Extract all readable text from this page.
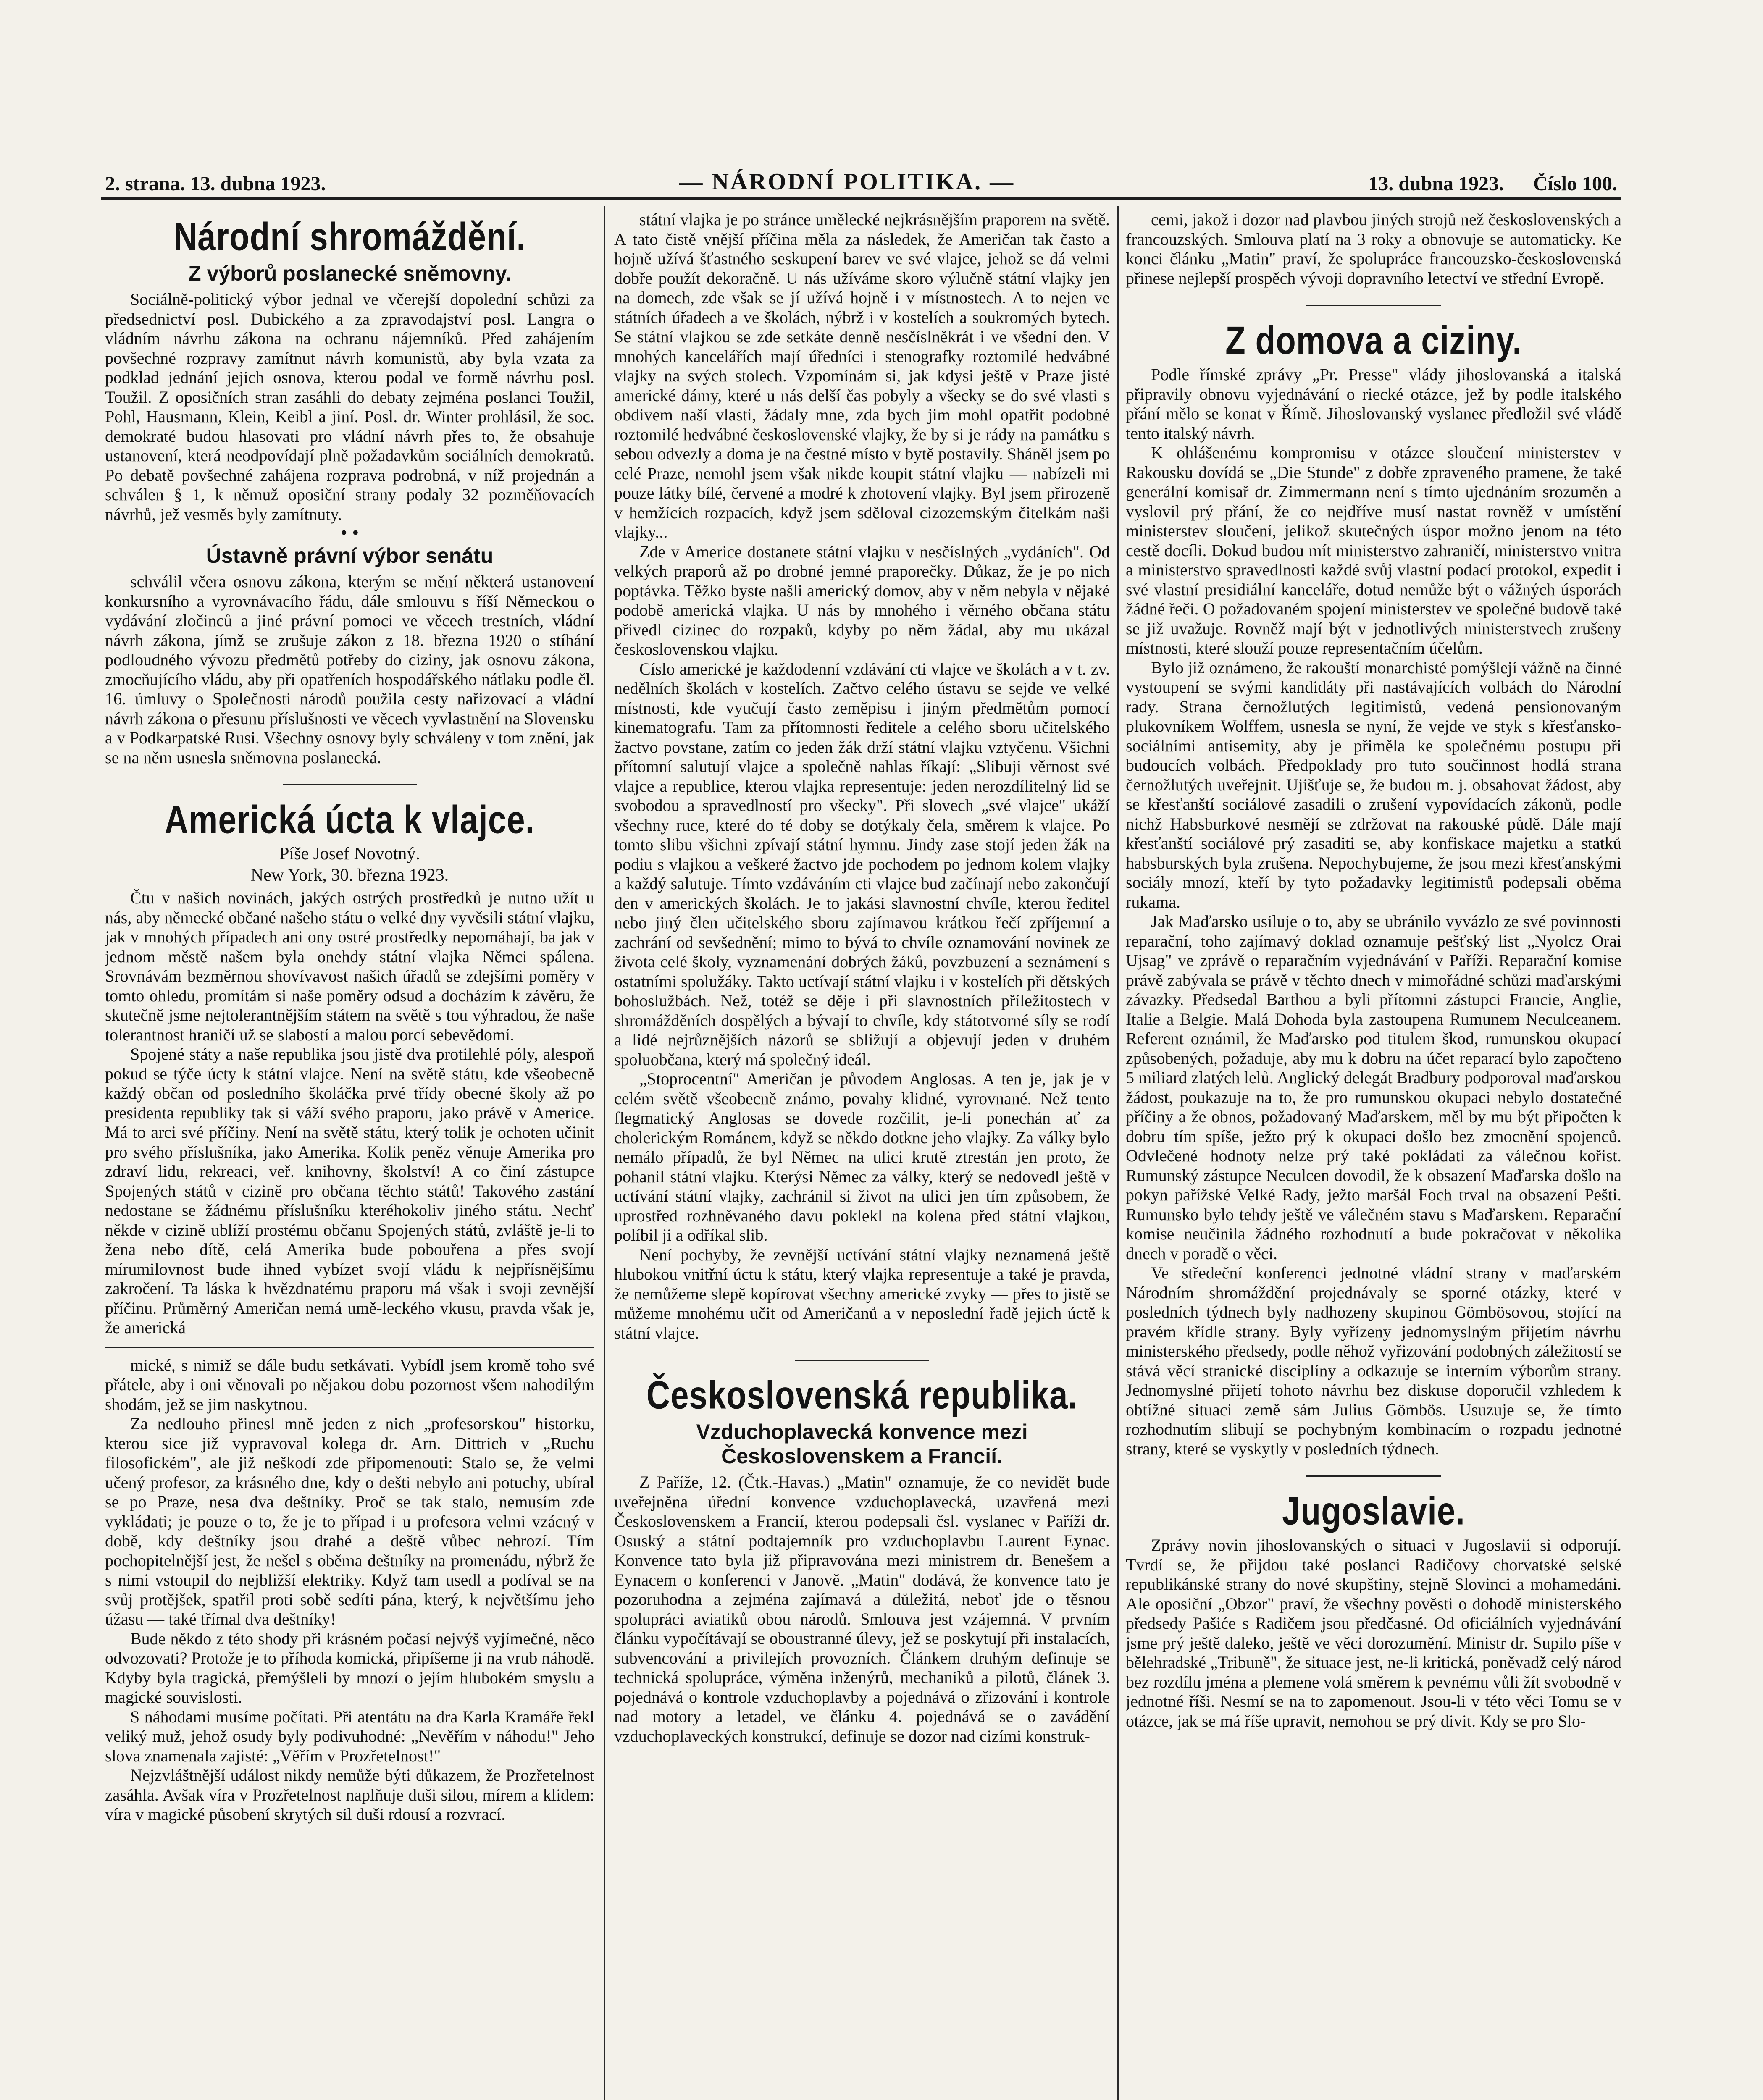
2. strana. 13. dubna 1923.	— NÁRODNÍ POLITIKA. —	13. dubna 1923. Číslo 100.
Národní shromáždění.
Z výborů poslanecké sněmovny.

Sociálně-politický výbor jednal ve včerejší dopolední schůzi za předsednictví posl. Dubického a za zpravodajství posl. Langra o vládním návrhu zákona na ochranu nájemníků. Před zahájením povšechné rozpravy zamítnut návrh komunistů, aby byla vzata za podklad jednání jejich osnova, kterou podal ve formě návrhu posl. Toužil. Z oposičních stran zasáhli do debaty zejména poslanci Toužil, Pohl, Hausmann, Klein, Keibl a jiní. Posl. dr. Winter prohlásil, že soc. demokraté budou hlasovati pro vládní návrh přes to, že obsahuje ustanovení, která neodpovídají plně požadavkům sociálních demokratů. Po debatě povšechné zahájena rozprava podrobná, v níž projednán a schválen § 1, k němuž oposiční strany podaly 32 pozměňovacích návrhů, jež vesměs byly zamítnuty.

• •

Ústavně právní výbor senátu

schválil včera osnovu zákona, kterým se mění některá ustanovení konkursního a vyrovnávacího řádu, dále smlouvu s říší Německou o vydávání zločinců a jiné právní pomoci ve věcech trestních, vládní návrh zákona, jímž se zrušuje zákon z 18. března 1920 o stíhání podloudného vývozu předmětů potřeby do ciziny, jak osnovu zákona, zmocňujícího vládu, aby při opatřeních hospodářského nátlaku podle čl. 16. úmluvy o Společnosti národů použila cesty nařizovací a vládní návrh zákona o přesunu příslušnosti ve věcech vyvlastnění na Slovensku a v Podkarpatské Rusi. Všechny osnovy byly schváleny v tom znění, jak se na něm usnesla sněmovna poslanecká.

Americká úcta k vlajce.

Píše Josef Novotný.

New York, 30. března 1923.

Čtu v našich novinách, jakých ostrých prostředků je nutno užít u nás, aby německé občané našeho státu o velké dny vyvěsili státní vlajku, jak v mnohých případech ani ony ostré prostředky nepomáhají, ba jak v jednom městě našem byla onehdy státní vlajka Němci spálena. Srovnávám bezměrnou shovívavost našich úřadů se zdejšími poměry v tomto ohledu, promítám si naše poměry odsud a docházím k závěru, že skutečně jsme nejtolerantnějším státem na světě s tou výhradou, že naše tolerantnost hraničí už se slabostí a malou porcí sebevědomí.

Spojené státy a naše republika jsou jistě dva protilehlé póly, alespoň pokud se týče úcty k státní vlajce. Není na světě státu, kde všeobecně každý občan od posledního školáčka prvé třídy obecné školy až po presidenta republiky tak si váží svého praporu, jako právě v Americe. Má to arci své příčiny. Není na světě státu, který tolik je ochoten učinit pro svého příslušníka, jako Amerika. Kolik peněz věnuje Amerika pro zdraví lidu, rekreaci, veř. knihovny, školství! A co činí zástupce Spojených států v cizině pro občana těchto států! Takového zastání nedostane se žádnému příslušníku kteréhokoliv jiného státu. Nechť někde v cizině ublíží prostému občanu Spojených států, zvláště je-li to žena nebo dítě, celá Amerika bude pobouřena a přes svojí mírumilovnost bude ihned vybízet svojí vládu k nejpřísnějšímu zakročení. Ta láska k hvězdnatému praporu má však i svoji zevnější příčinu. Průměrný Američan nemá umě-leckého vkusu, pravda však je, že americká

mické, s nimiž se dále budu setkávati. Vybídl jsem kromě toho své přátele, aby i oni věnovali po nějakou dobu pozornost všem nahodilým shodám, jež se jim naskytnou.

Za nedlouho přinesl mně jeden z nich „profesorskou" historku, kterou sice již vypravoval kolega dr. Arn. Dittrich v „Ruchu filosofickém", ale již neškodí zde připomenouti: Stalo se, že velmi učený profesor, za krásného dne, kdy o dešti nebylo ani potuchy, ubíral se po Praze, nesa dva deštníky. Proč se tak stalo, nemusím zde vykládati; je pouze o to, že je to případ i u profesora velmi vzácný v době, kdy deštníky jsou drahé a deště vůbec nehrozí. Tím pochopitelnější jest, že nešel s oběma deštníky na promenádu, nýbrž že s nimi vstoupil do nejbližší elektriky. Když tam usedl a podíval se na svůj protějšek, spatřil proti sobě sedíti pána, který, k největšímu jeho úžasu — také třímal dva deštníky!

Bude někdo z této shody při krásném počasí nejvýš vyjímečné, něco odvozovati? Protože je to příhoda komická, připíšeme ji na vrub náhodě. Kdyby byla tragická, přemýšleli by mnozí o jejím hlubokém smyslu a magické souvislosti.

S náhodami musíme počítati. Při atentátu na dra Karla Kramáře řekl veliký muž, jehož osudy byly podivuhodné: „Nevěřím v náhodu!" Jeho slova znamenala zajisté: „Věřím v Prozřetelnost!"

Nejzvláštnější událost nikdy nemůže býti důkazem, že Prozřetelnost zasáhla. Avšak víra v Prozřetelnost naplňuje duši silou, mírem a klidem: víra v magické působení skrytých sil duši rdousí a rozvrací.

státní vlajka je po stránce umělecké nejkrásnějším praporem na světě. A tato čistě vnější příčina měla za následek, že Američan tak často a hojně užívá šťastného seskupení barev ve své vlajce, jehož se dá velmi dobře použít dekoračně. U nás užíváme skoro výlučně státní vlajky jen na domech, zde však se jí užívá hojně i v místnostech. A to nejen ve státních úřadech a ve školách, nýbrž i v kostelích a soukromých bytech. Se státní vlajkou se zde setkáte denně nesčíslněkrát i ve všední den. V mnohých kancelářích mají úředníci i stenografky roztomilé hedvábné vlajky na svých stolech. Vzpomínám si, jak kdysi ještě v Praze jisté americké dámy, které u nás delší čas pobyly a všecky se do své vlasti s obdivem naší vlasti, žádaly mne, zda bych jim mohl opatřit podobné roztomilé hedvábné československé vlajky, že by si je rády na památku s sebou odvezly a doma je na čestné místo v bytě postavily. Sháněl jsem po celé Praze, nemohl jsem však nikde koupit státní vlajku — nabízeli mi pouze látky bílé, červené a modré k zhotovení vlajky. Byl jsem přirozeně v hemžících rozpacích, když jsem sděloval cizozemským čitelkám naši vlajky...

Zde v Americe dostanete státní vlajku v nesčíslných „vydáních". Od velkých praporů až po drobné jemné praporečky. Důkaz, že je po nich poptávka. Těžko byste našli americký domov, aby v něm nebyla v nějaké podobě americká vlajka. U nás by mnohého i věrného občana státu přivedl cizinec do rozpaků, kdyby po něm žádal, aby mu ukázal československou vlajku.

Císlo americké je každodenní vzdávání cti vlajce ve školách a v t. zv. nedělních školách v kostelích. Začtvo celého ústavu se sejde ve velké místnosti, kde vyučují často zeměpisu i jiným předmětům pomocí kinematografu. Tam za přítomnosti ředitele a celého sboru učitelského žactvo povstane, zatím co jeden žák drží státní vlajku vztyčenu. Všichni přítomní salutují vlajce a společně nahlas říkají: „Slibuji věrnost své vlajce a republice, kterou vlajka representuje: jeden nerozdílitelný lid se svobodou a spravedlností pro všecky". Při slovech „své vlajce" ukáží všechny ruce, které do té doby se dotýkaly čela, směrem k vlajce. Po tomto slibu všichni zpívají státní hymnu. Jindy zase stojí jeden žák na podiu s vlajkou a veškeré žactvo jde pochodem po jednom kolem vlajky a každý salutuje. Tímto vzdáváním cti vlajce bud začínají nebo zakončují den v amerických školách. Je to jakási slavnostní chvíle, kterou ředitel nebo jiný člen učitelského sboru zajímavou krátkou řečí zpříjemní a zachrání od sevšednění; mimo to bývá to chvíle oznamování novinek ze života celé školy, vyznamenání dobrých žáků, povzbuzení a seznámení s ostatními spolužáky. Takto uctívají státní vlajku i v kostelích při dětských bohoslužbách. Než, totéž se děje i při slavnostních příležitostech v shromážděních dospělých a bývají to chvíle, kdy státotvorné síly se rodí a lidé nejrůznějších názorů se sbližují a objevují jeden v druhém spoluobčana, který má společný ideál.

„Stoprocentní" Američan je původem Anglosas. A ten je, jak je v celém světě všeobecně známo, povahy klidné, vyrovnané. Než tento flegmatický Anglosas se dovede rozčilit, je-li ponechán ať za cholerickým Románem, když se někdo dotkne jeho vlajky. Za války bylo nemálo případů, že byl Němec na ulici krutě ztrestán jen proto, že pohanil státní vlajku. Kterýsi Němec za války, který se nedovedl ještě v uctívání státní vlajky, zachránil si život na ulici jen tím způsobem, že uprostřed rozhněvaného davu poklekl na kolena před státní vlajkou, políbil ji a odříkal slib.

Není pochyby, že zevnější uctívání státní vlajky neznamená ještě hlubokou vnitřní úctu k státu, který vlajka representuje a také je pravda, že nemůžeme slepě kopírovat všechny americké zvyky — přes to jistě se můžeme mnohému učit od Američanů a v neposlední řadě jejich úctě k státní vlajce.

Československá republika.
Vzduchoplavecká konvence mezi Československem a Francií.

Z Paříže, 12. (Čtk.-Havas.) „Matin" oznamuje, že co nevidět bude uveřejněna úřední konvence vzduchoplavecká, uzavřená mezi Československem a Francií, kterou podepsali čsl. vyslanec v Paříži dr. Osuský a státní podtajemník pro vzduchoplavbu Laurent Eynac. Konvence tato byla již připravována mezi ministrem dr. Benešem a Eynacem o konferenci v Janově. „Matin" dodává, že konvence tato je pozoruhodna a zejména zajímavá a důležitá, neboť jde o těsnou spolupráci aviatiků obou národů. Smlouva jest vzájemná. V prvním článku vypočítávají se oboustranné úlevy, jež se poskytují při instalacích, subvencování a privilejích provozních. Článkem druhým definuje se technická spolupráce, výměna inženýrů, mechaniků a pilotů, článek 3. pojednává o kontrole vzduchoplavby a pojednává o zřizování i kontrole nad motory a letadel, ve článku 4. pojednává se o zavádění vzduchoplaveckých konstrukcí, definuje se dozor nad cizími konstruk-

cemi, jakož i dozor nad plavbou jiných strojů než československých a francouzských. Smlouva platí na 3 roky a obnovuje se automaticky. Ke konci článku „Matin" praví, že spolupráce francouzsko-československá přinese nejlepší prospěch vývoji dopravního letectví ve střední Evropě.

Z domova a ciziny.

Podle římské zprávy „Pr. Presse" vlády jihoslovanská a italská připravily obnovu vyjednávání o riecké otázce, jež by podle italského přání mělo se konat v Římě. Jihoslovanský vyslanec předložil své vládě tento italský návrh.

K ohlášenému kompromisu v otázce sloučení ministerstev v Rakousku dovídá se „Die Stunde" z dobře zpraveného pramene, že také generální komisař dr. Zimmermann není s tímto ujednáním srozuměn a vyslovil prý přání, že co nejdříve musí nastat rovněž v umístění ministerstev sloučení, jelikož skutečných úspor možno jenom na této cestě docíli. Dokud budou mít ministerstvo zahraničí, ministerstvo vnitra a ministerstvo spravedlnosti každé svůj vlastní podací protokol, expedit i své vlastní presidiální kanceláře, dotud nemůže být o vážných úsporách žádné řeči. O požadovaném spojení ministerstev ve společné budově také se již uvažuje. Rovněž mají být v jednotlivých ministerstvech zrušeny místnosti, které slouží pouze representačním účelům.

Bylo již oznámeno, že rakouští monarchisté pomýšlejí vážně na činné vystoupení se svými kandidáty při nastávajících volbách do Národní rady. Strana černožlutých legitimistů, vedená pensionovaným plukovníkem Wolffem, usnesla se nyní, že vejde ve styk s křesťansko-sociálními antisemity, aby je přiměla ke společnému postupu při budoucích volbách. Předpoklady pro tuto součinnost hodlá strana černožlutých uveřejnit. Ujišťuje se, že budou m. j. obsahovat žádost, aby se křesťanští sociálové zasadili o zrušení vypovídacích zákonů, podle nichž Habsburkové nesmějí se zdržovat na rakouské půdě. Dále mají křesťanští sociálové prý zasaditi se, aby konfiskace majetku a statků habsburských byla zrušena. Nepochybujeme, že jsou mezi křesťanskými sociály mnozí, kteří by tyto požadavky legitimistů podepsali oběma rukama.

Jak Maďarsko usiluje o to, aby se ubránilo vyvázlo ze své povinnosti reparační, toho zajímavý doklad oznamuje pešťský list „Nyolcz Orai Ujsag" ve zprávě o reparačním vyjednávání v Paříži. Reparační komise právě zabývala se právě v těchto dnech v mimořádné schůzi maďarskými závazky. Předsedal Barthou a byli přítomni zástupci Francie, Anglie, Italie a Belgie. Malá Dohoda byla zastoupena Rumunem Neculceanem. Referent oznámil, že Maďarsko pod titulem škod, rumunskou okupací způsobených, požaduje, aby mu k dobru na účet reparací bylo započteno 5 miliard zlatých lelů. Anglický delegát Bradbury podporoval maďarskou žádost, poukazuje na to, že pro rumunskou okupaci nebylo dostatečné příčiny a že obnos, požadovaný Maďarskem, měl by mu být připočten k dobru tím spíše, ježto prý k okupaci došlo bez zmocnění spojenců. Odvlečené hodnoty nelze prý také pokládati za válečnou kořist. Rumunský zástupce Neculcen dovodil, že k obsazení Maďarska došlo na pokyn pařížské Velké Rady, ježto maršál Foch trval na obsazení Pešti. Rumunsko bylo tehdy ještě ve válečném stavu s Maďarskem. Reparační komise neučinila žádného rozhodnutí a bude pokračovat v několika dnech v poradě o věci.

Ve středeční konferenci jednotné vládní strany v maďarském Národním shromáždění projednávaly se sporné otázky, které v posledních týdnech byly nadhozeny skupinou Gömbösovou, stojící na pravém křídle strany. Byly vyřízeny jednomyslným přijetím návrhu ministerského předsedy, podle něhož vyřizování podobných záležitostí se stává věcí stranické disciplíny a odkazuje se interním výborům strany. Jednomyslné přijetí tohoto návrhu bez diskuse doporučil vzhledem k obtížné situaci země sám Julius Gömbös. Usuzuje se, že tímto rozhodnutím slibují se pochybným kombinacím o rozpadu jednotné strany, které se vyskytly v posledních týdnech.

Jugoslavie.

Zprávy novin jihoslovanských o situaci v Jugoslavii si odporují. Tvrdí se, že přijdou také poslanci Radičovy chorvatské selské republikánské strany do nové skupštiny, stejně Slovinci a mohamedáni. Ale oposiční „Obzor" praví, že všechny pověsti o dohodě ministerského předsedy Pašiće s Radičem jsou předčasné. Od oficiálních vyjednávání jsme prý ještě daleko, ještě ve věci dorozumění. Ministr dr. Supilo píše v bělehradské „Tribuně", že situace jest, ne-li kritická, poněvadž celý národ bez rozdílu jména a plemene volá směrem k pevnému vůli žít svobodně v jednotné říši. Nesmí se na to zapomenout. Jsou-li v této věci Tomu se v otázce, jak se má říše upravit, nemohou se prý divit. Kdy se pro Slo-
